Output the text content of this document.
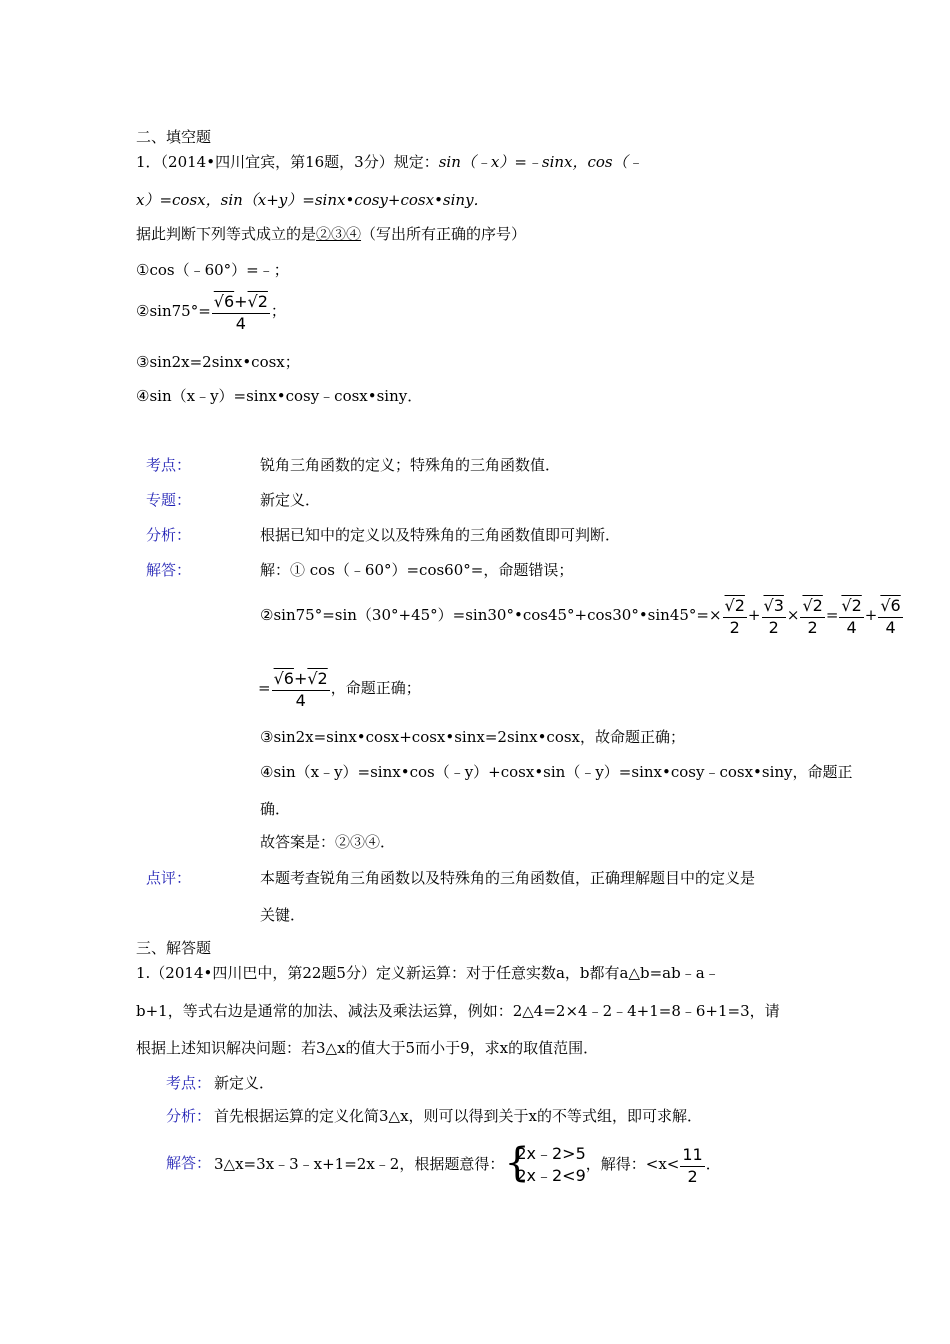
二、填空题
1．（2014•四川宜宾，第16题，3分）规定：sin（﹣x）=﹣sinx，cos（﹣
x）=cosx，sin（x+y）=sinx•cosy+cosx•siny．
据此判断下列等式成立的是②③④（写出所有正确的序号）
①cos（﹣60°）=﹣；
②sin75°= $\frac{√6+√2}{4}$ ；
③sin2x=2sinx•cosx；
④sin（x﹣y）=sinx•cosy﹣cosx•siny．
考点：	锐角三角函数的定义；特殊角的三角函数值．
专题：	新定义．
分析：	根据已知中的定义以及特殊角的三角函数值即可判断．
解答：	解：① cos（﹣60°）=cos60°=，命题错误；
②sin75°=sin（30°+45°）=sin30°•cos45°+cos30°•sin45°=× $\frac{√2}{2} + \frac{√3}{2} \times \frac{√2}{2} = \frac{√2}{4} + \frac{√6}{4}$
= $\frac{√6+√2}{4}$ ，命题正确；
③sin2x=sinx•cosx+cosx•sinx=2sinx•cosx，故命题正确；
④sin（x﹣y）=sinx•cos（﹣y）+cosx•sin（﹣y）=sinx•cosy﹣cosx•siny，命题正
确．
故答案是：②③④．
点评：	本题考查锐角三角函数以及特殊角的三角函数值，正确理解题目中的定义是
关键．
三、解答题
1.（2014•四川巴中，第22题5分）定义新运算：对于任意实数a，b都有a△b=ab﹣a﹣
b+1，等式右边是通常的加法、减法及乘法运算，例如：2△4=2×4﹣2﹣4+1=8﹣6+1=3，请
根据上述知识解决问题：若3△x的值大于5而小于9，求x的取值范围．
考点： 新定义．
分析： 首先根据运算的定义化简3△x，则可以得到关于x的不等式组，即可求解．
解答： 3△x=3x﹣3﹣x+1=2x﹣2，根据题意得： {
2x﹣2>5
2x﹣2<9
，解得：$<x< \frac{11}{2}$ ．
